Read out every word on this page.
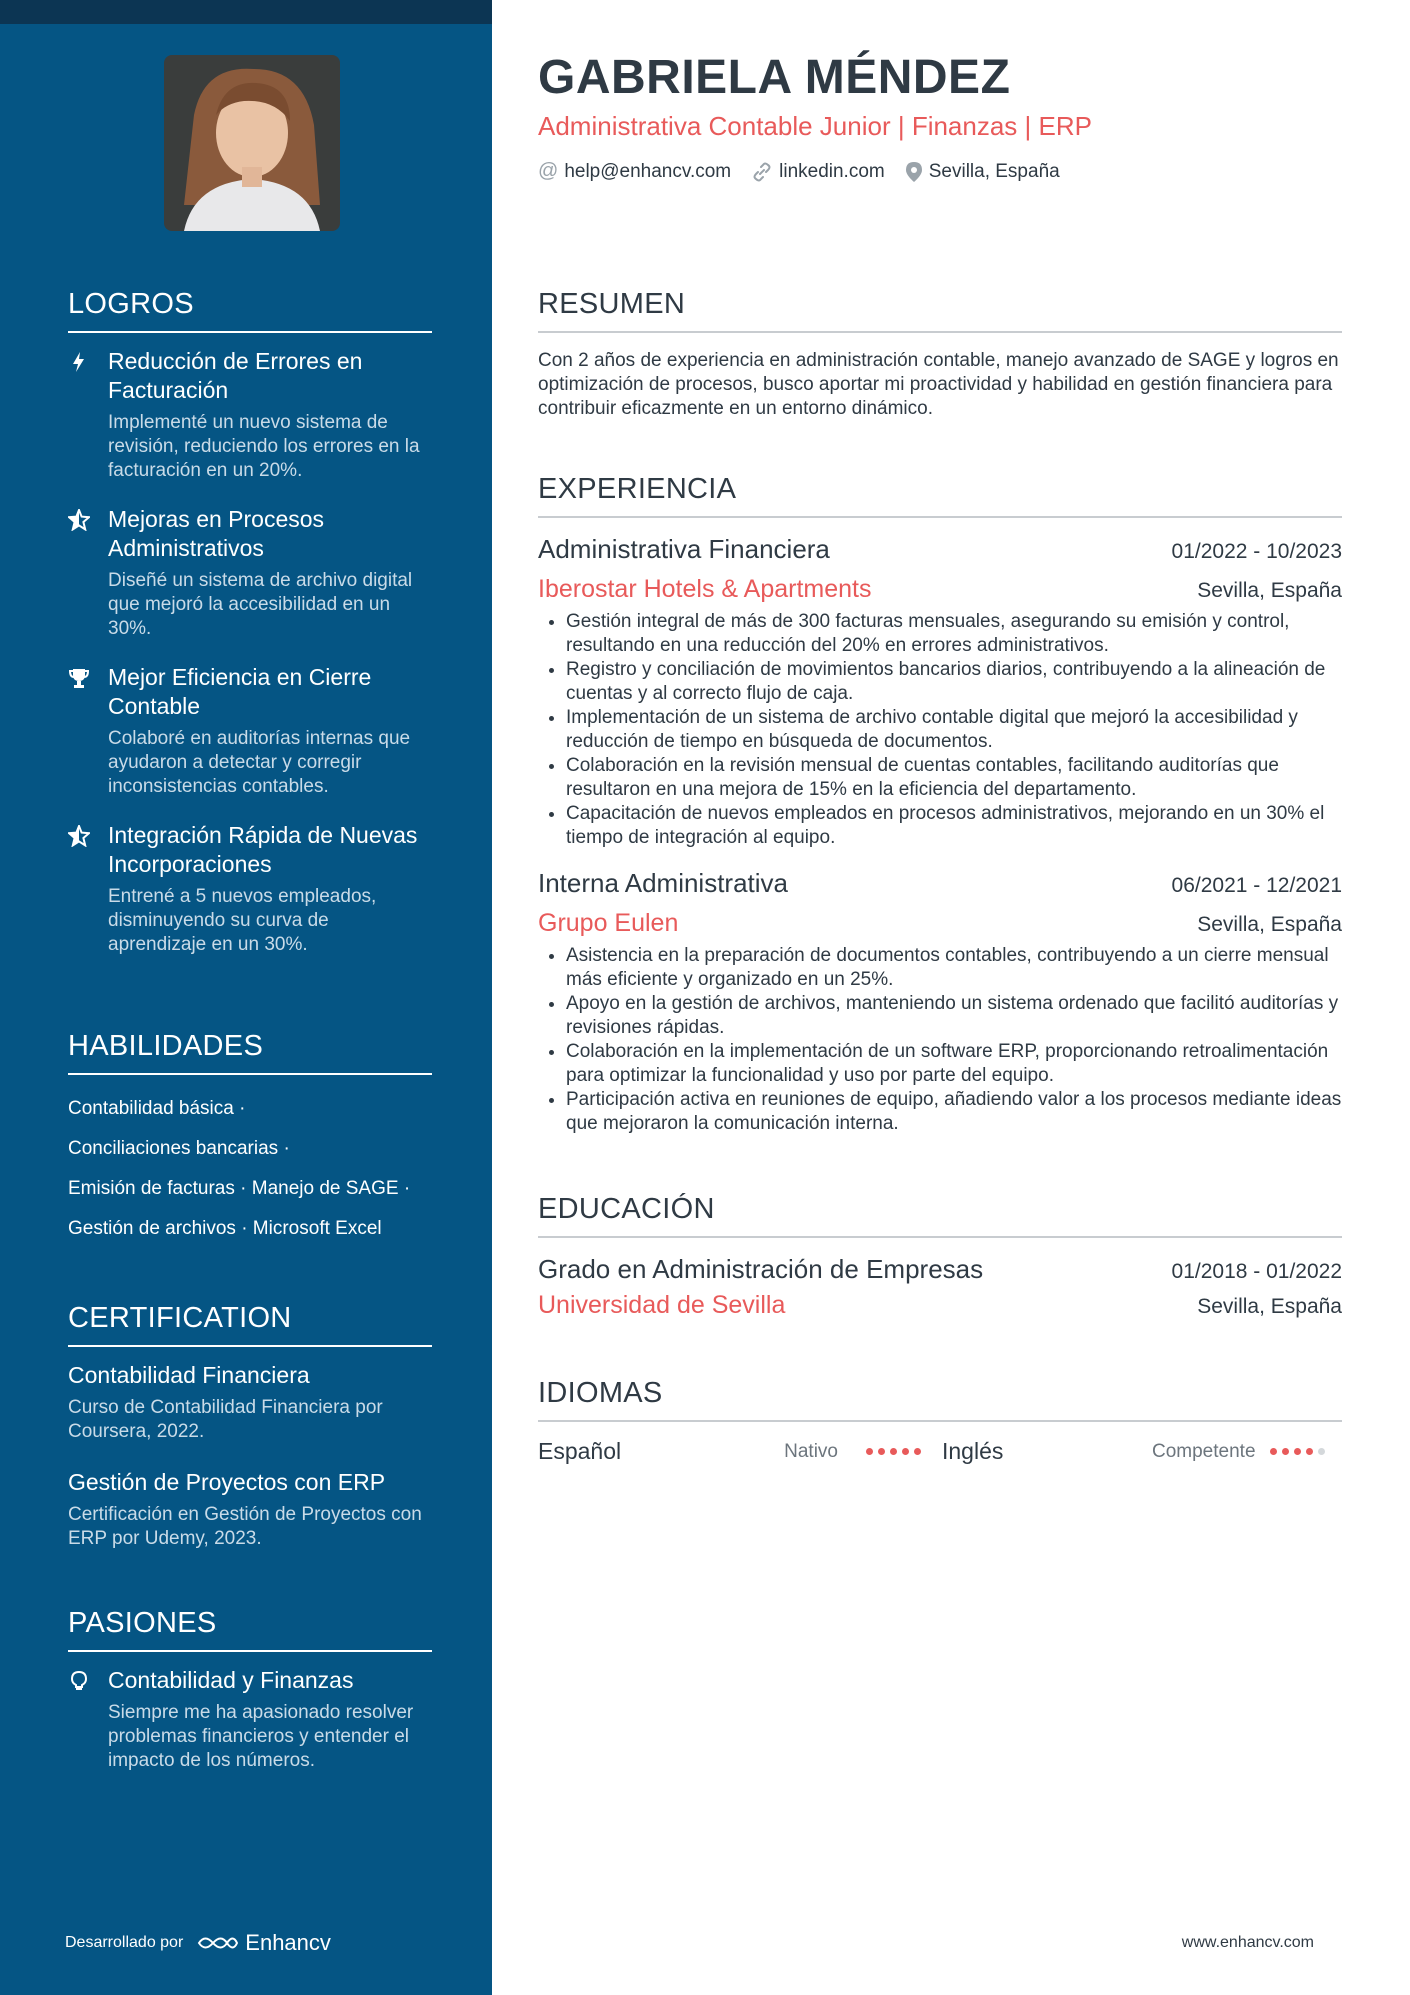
LOGROS
Reducción de Errores en Facturación
Implementé un nuevo sistema de revisión, reduciendo los errores en la facturación en un 20%.
Mejoras en Procesos Administrativos
Diseñé un sistema de archivo digital que mejoró la accesibilidad en un 30%.
Mejor Eficiencia en Cierre Contable
Colaboré en auditorías internas que ayudaron a detectar y corregir inconsistencias contables.
Integración Rápida de Nuevas Incorporaciones
Entrené a 5 nuevos empleados, disminuyendo su curva de aprendizaje en un 30%.
HABILIDADES
Contabilidad básica ·
Conciliaciones bancarias ·
Emisión de facturas · Manejo de SAGE ·
Gestión de archivos · Microsoft Excel
CERTIFICATION
Contabilidad Financiera
Curso de Contabilidad Financiera por Coursera, 2022.
Gestión de Proyectos con ERP
Certificación en Gestión de Proyectos con ERP por Udemy, 2023.
PASIONES
Contabilidad y Finanzas
Siempre me ha apasionado resolver problemas financieros y entender el impacto de los números.
Desarrollado por	Enhancv
GABRIELA MÉNDEZ
Administrativa Contable Junior | Finanzas | ERP
@ help@enhancv.com	linkedin.com Sevilla, España
RESUMEN
Con 2 años de experiencia en administración contable, manejo avanzado de SAGE y logros en optimización de procesos, busco aportar mi proactividad y habilidad en gestión financiera para contribuir eficazmente en un entorno dinámico.
EXPERIENCIA
Administrativa Financiera	01/2022 - 10/2023
Iberostar Hotels & Apartments	Sevilla, España
• Gestión integral de más de 300 facturas mensuales, asegurando su emisión y control, resultando en una reducción del 20% en errores administrativos.
• Registro y conciliación de movimientos bancarios diarios, contribuyendo a la alineación de cuentas y al correcto flujo de caja.
• Implementación de un sistema de archivo contable digital que mejoró la accesibilidad y reducción de tiempo en búsqueda de documentos.
• Colaboración en la revisión mensual de cuentas contables, facilitando auditorías que resultaron en una mejora de 15% en la eficiencia del departamento.
• Capacitación de nuevos empleados en procesos administrativos, mejorando en un 30% el tiempo de integración al equipo.
Interna Administrativa	06/2021 - 12/2021
Grupo Eulen	Sevilla, España
• Asistencia en la preparación de documentos contables, contribuyendo a un cierre mensual más eficiente y organizado en un 25%.
• Apoyo en la gestión de archivos, manteniendo un sistema ordenado que facilitó auditorías y revisiones rápidas.
• Colaboración en la implementación de un software ERP, proporcionando retroalimentación para optimizar la funcionalidad y uso por parte del equipo.
• Participación activa en reuniones de equipo, añadiendo valor a los procesos mediante ideas que mejoraron la comunicación interna.
EDUCACIÓN
Grado en Administración de Empresas	01/2018 - 01/2022
Universidad de Sevilla	Sevilla, España
IDIOMAS
Español	Nativo	Inglés	Competente
www.enhancv.com
